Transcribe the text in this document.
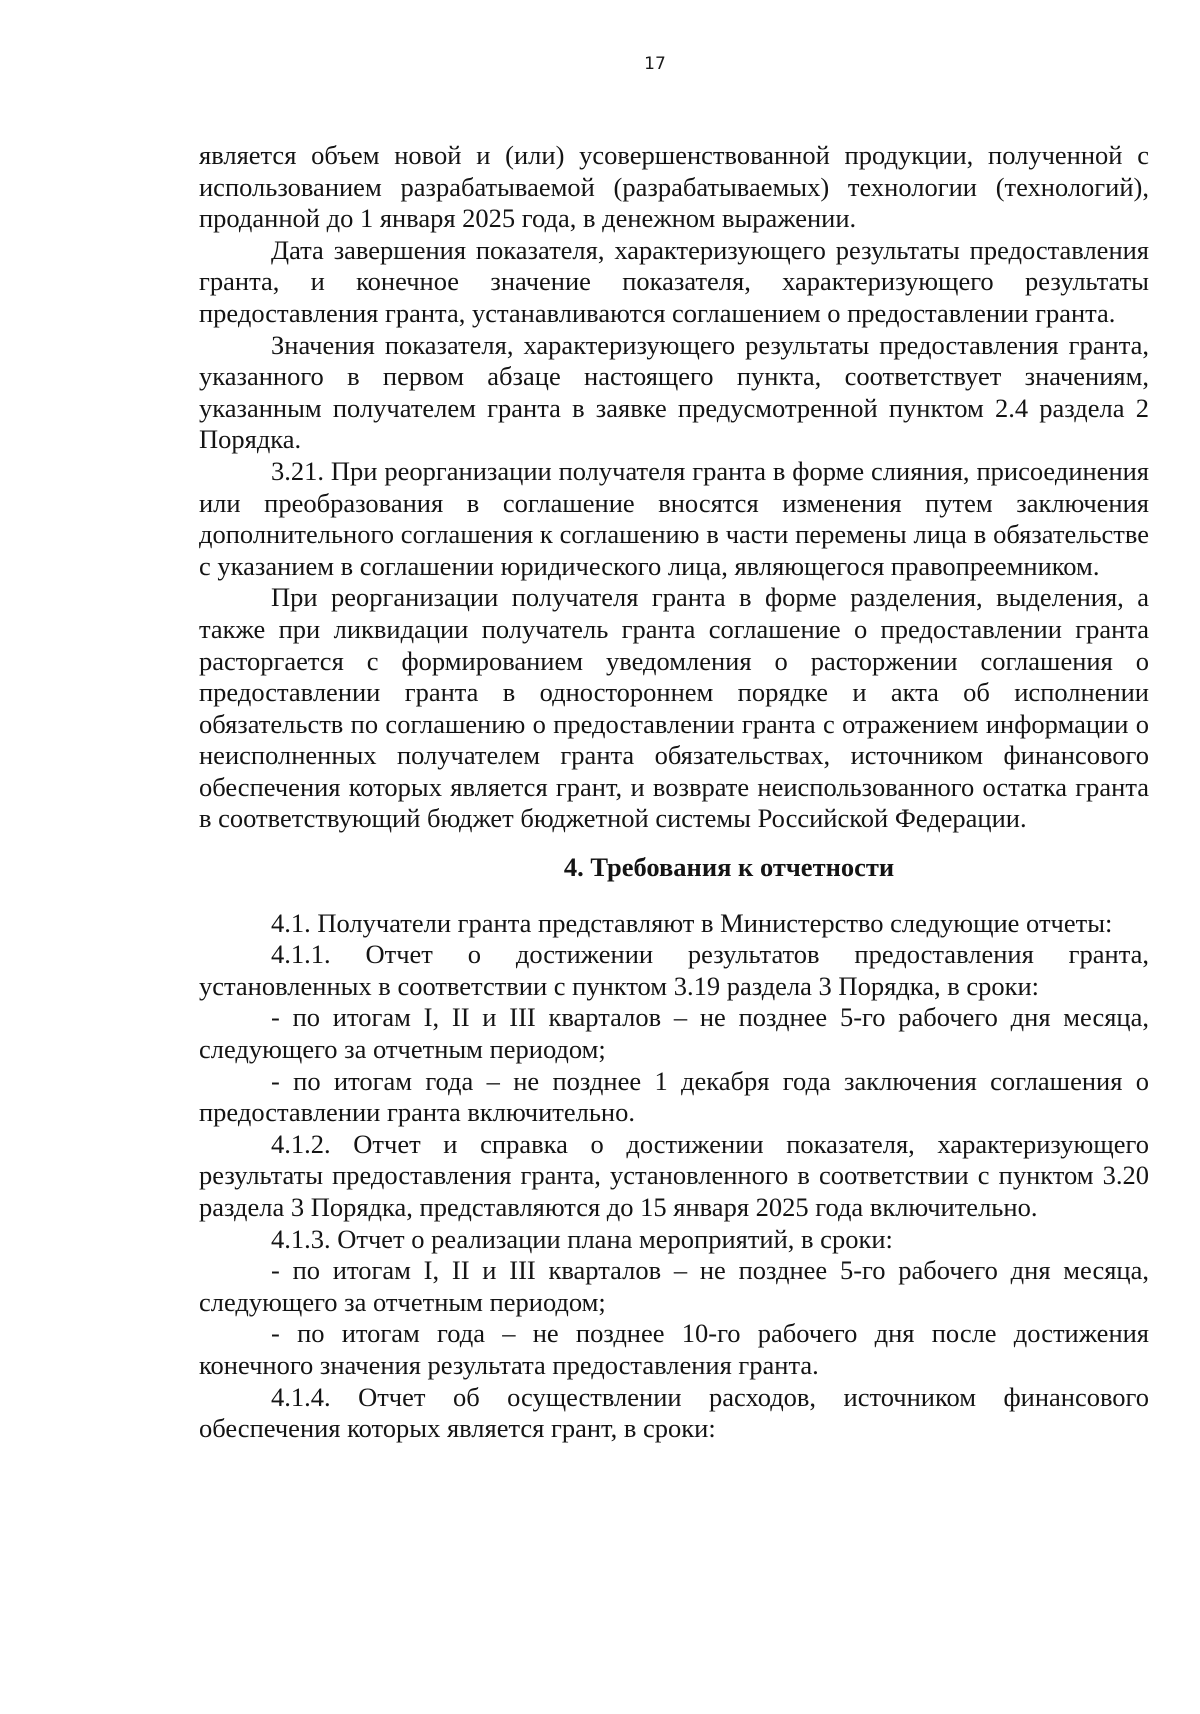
17

является объем новой и (или) усовершенствованной продукции, полученной с использованием разрабатываемой (разрабатываемых) технологии (технологий), проданной до 1 января 2025 года, в денежном выражении.

Дата завершения показателя, характеризующего результаты предоставления гранта, и конечное значение показателя, характеризующего результаты предоставления гранта, устанавливаются соглашением о предоставлении гранта.

Значения показателя, характеризующего результаты предоставления гранта, указанного в первом абзаце настоящего пункта, соответствует значениям, указанным получателем гранта в заявке предусмотренной пунктом 2.4 раздела 2 Порядка.

3.21. При реорганизации получателя гранта в форме слияния, присоединения или преобразования в соглашение вносятся изменения путем заключения дополнительного соглашения к соглашению в части перемены лица в обязательстве с указанием в соглашении юридического лица, являющегося правопреемником.

При реорганизации получателя гранта в форме разделения, выделения, а также при ликвидации получатель гранта соглашение о предоставлении гранта расторгается с формированием уведомления о расторжении соглашения о предоставлении гранта в одностороннем порядке и акта об исполнении обязательств по соглашению о предоставлении гранта с отражением информации о неисполненных получателем гранта обязательствах, источником финансового обеспечения которых является грант, и возврате неиспользованного остатка гранта в соответствующий бюджет бюджетной системы Российской Федерации.

4. Требования к отчетности

4.1. Получатели гранта представляют в Министерство следующие отчеты:

4.1.1. Отчет о достижении результатов предоставления гранта, установленных в соответствии с пунктом 3.19 раздела 3 Порядка, в сроки:

- по итогам I, II и III кварталов – не позднее 5-го рабочего дня месяца, следующего за отчетным периодом;

- по итогам года – не позднее 1 декабря года заключения соглашения о предоставлении гранта включительно.

4.1.2. Отчет и справка о достижении показателя, характеризующего результаты предоставления гранта, установленного в соответствии с пунктом 3.20 раздела 3 Порядка, представляются до 15 января 2025 года включительно.

4.1.3. Отчет о реализации плана мероприятий, в сроки:

- по итогам I, II и III кварталов – не позднее 5-го рабочего дня месяца, следующего за отчетным периодом;

- по итогам года – не позднее 10-го рабочего дня после достижения конечного значения результата предоставления гранта.

4.1.4. Отчет об осуществлении расходов, источником финансового обеспечения которых является грант, в сроки:
